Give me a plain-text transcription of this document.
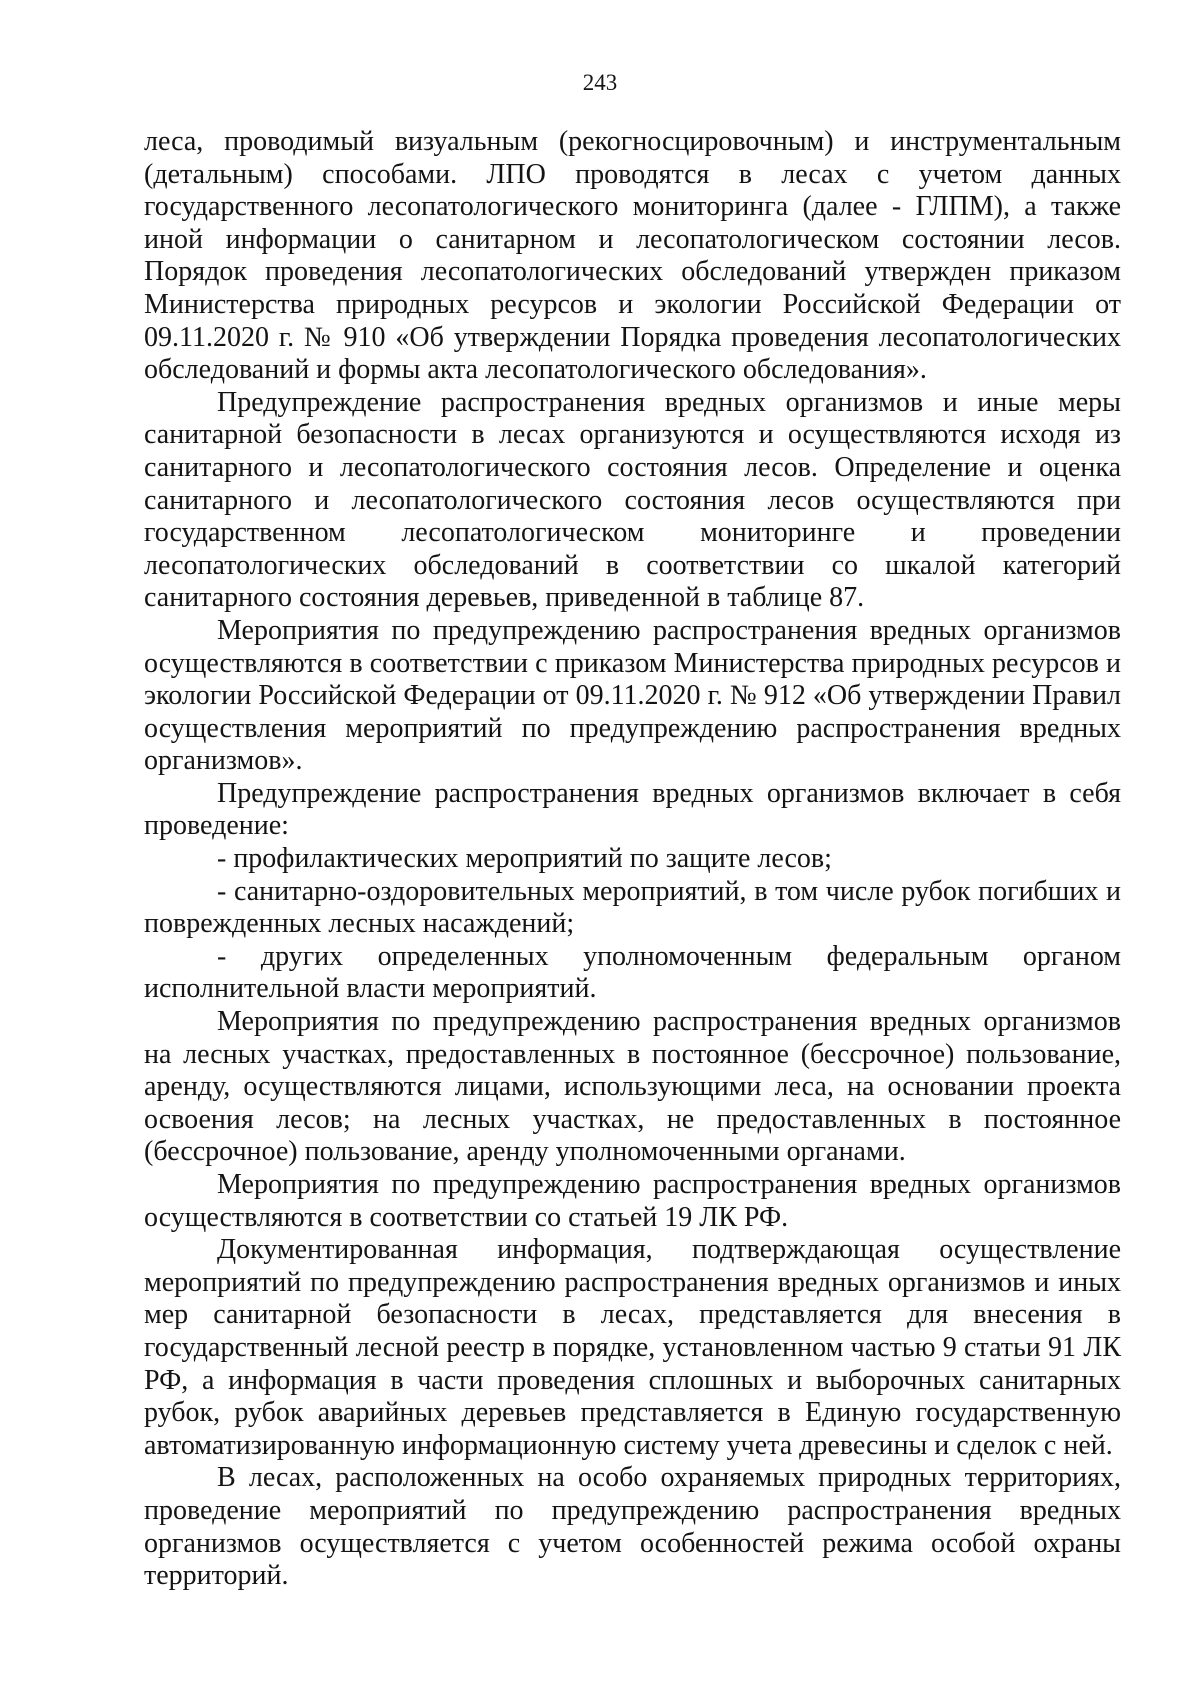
243

леса, проводимый визуальным (рекогносцировочным) и инструментальным (детальным) способами. ЛПО проводятся в лесах с учетом данных государственного лесопатологического мониторинга (далее - ГЛПМ), а также иной информации о санитарном и лесопатологическом состоянии лесов. Порядок проведения лесопатологических обследований утвержден приказом Министерства природных ресурсов и экологии Российской Федерации от 09.11.2020 г. № 910 «Об утверждении Порядка проведения лесопатологических обследований и формы акта лесопатологического обследования».

Предупреждение распространения вредных организмов и иные меры санитарной безопасности в лесах организуются и осуществляются исходя из санитарного и лесопатологического состояния лесов. Определение и оценка санитарного и лесопатологического состояния лесов осуществляются при государственном лесопатологическом мониторинге и проведении лесопатологических обследований в соответствии со шкалой категорий санитарного состояния деревьев, приведенной в таблице 87.

Мероприятия по предупреждению распространения вредных организмов осуществляются в соответствии с приказом Министерства природных ресурсов и экологии Российской Федерации от 09.11.2020 г. № 912 «Об утверждении Правил осуществления мероприятий по предупреждению распространения вредных организмов».

Предупреждение распространения вредных организмов включает в себя проведение:

- профилактических мероприятий по защите лесов;

- санитарно-оздоровительных мероприятий, в том числе рубок погибших и поврежденных лесных насаждений;

- других определенных уполномоченным федеральным органом исполнительной власти мероприятий.

Мероприятия по предупреждению распространения вредных организмов на лесных участках, предоставленных в постоянное (бессрочное) пользование, аренду, осуществляются лицами, использующими леса, на основании проекта освоения лесов; на лесных участках, не предоставленных в постоянное (бессрочное) пользование, аренду уполномоченными органами.

Мероприятия по предупреждению распространения вредных организмов осуществляются в соответствии со статьей 19 ЛК РФ.

Документированная информация, подтверждающая осуществление мероприятий по предупреждению распространения вредных организмов и иных мер санитарной безопасности в лесах, представляется для внесения в государственный лесной реестр в порядке, установленном частью 9 статьи 91 ЛК РФ, а информация в части проведения сплошных и выборочных санитарных рубок, рубок аварийных деревьев представляется в Единую государственную автоматизированную информационную систему учета древесины и сделок с ней.

В лесах, расположенных на особо охраняемых природных территориях, проведение мероприятий по предупреждению распространения вредных организмов осуществляется с учетом особенностей режима особой охраны территорий.
